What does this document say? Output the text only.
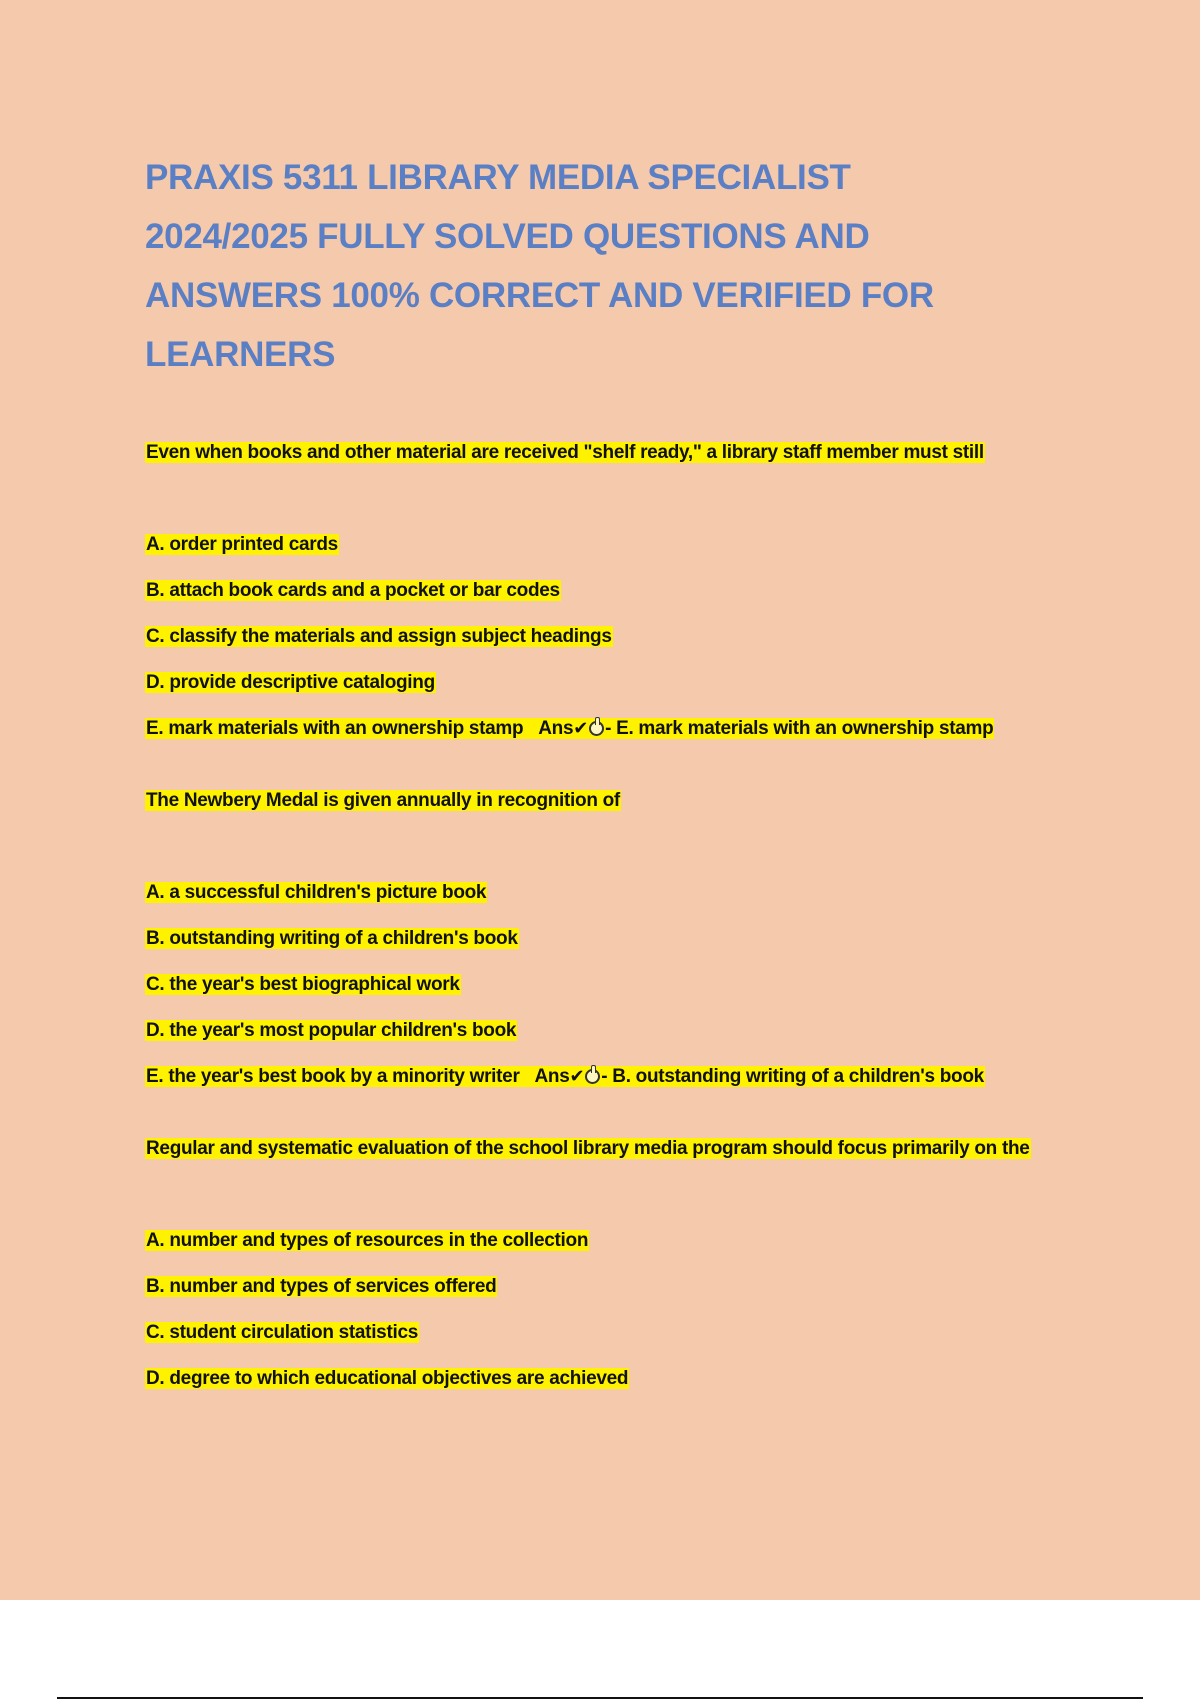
PRAXIS 5311 LIBRARY MEDIA SPECIALIST
2024/2025 FULLY SOLVED QUESTIONS AND
ANSWERS 100% CORRECT AND VERIFIED FOR
LEARNERS
Even when books and other material are received "shelf ready," a library staff member must still
A. order printed cards
B. attach book cards and a pocket or bar codes
C. classify the materials and assign subject headings
D. provide descriptive cataloging
E. mark materials with an ownership stamp Ans✔ - E. mark materials with an ownership stamp
The Newbery Medal is given annually in recognition of
A. a successful children's picture book
B. outstanding writing of a children's book
C. the year's best biographical work
D. the year's most popular children's book
E. the year's best book by a minority writer Ans✔ - B. outstanding writing of a children's book
Regular and systematic evaluation of the school library media program should focus primarily on the
A. number and types of resources in the collection
B. number and types of services offered
C. student circulation statistics
D. degree to which educational objectives are achieved
